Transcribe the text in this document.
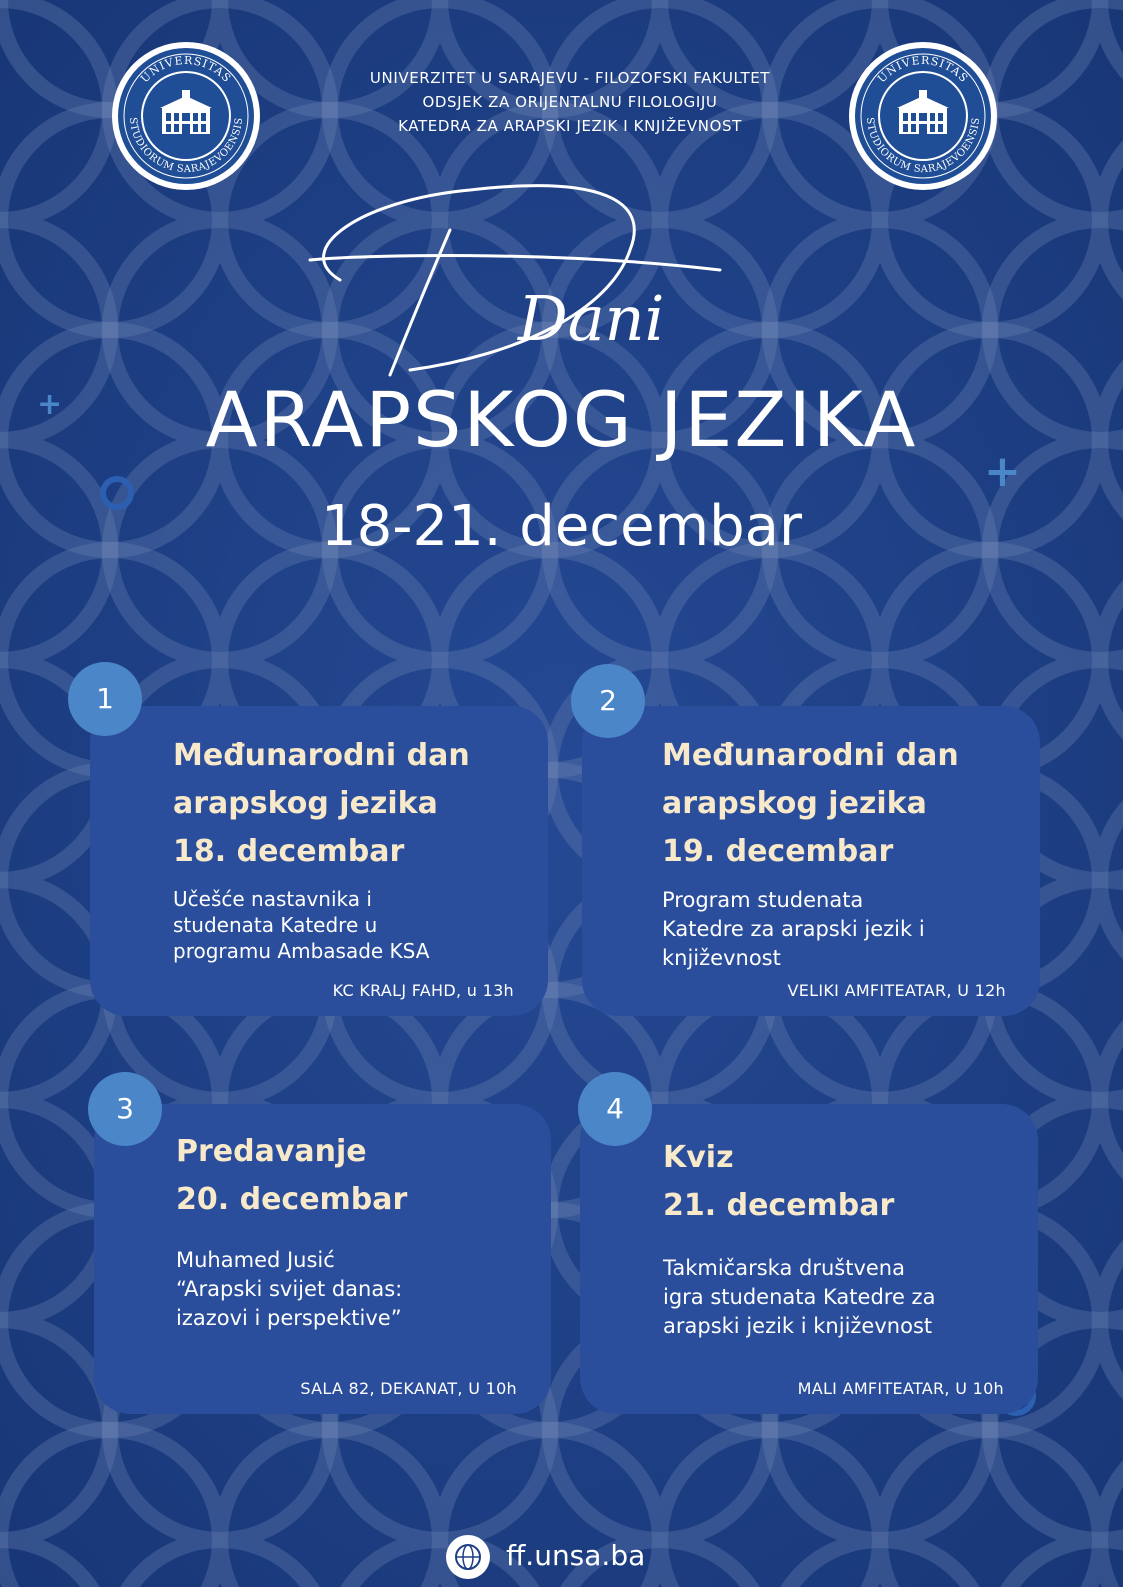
UNIVERSITAS
STUDIORUM SARAJEVOENSIS
UNIVERSITAS
STUDIORUM SARAJEVOENSIS
UNIVERZITET U SARAJEVU - FILOZOFSKI FAKULTET
ODSJEK ZA ORIJENTALNU FILOLOGIJU
KATEDRA ZA ARAPSKI JEZIK I KNJIŽEVNOST
Dani
ARAPSKOG JEZIKA
18-21. decembar
+
+
Međunarodni dan
arapskog jezika
18. decembar
Učešće nastavnika i
studenata Katedre u
programu Ambasade KSA
KC KRALJ FAHD, u 13h
1
Međunarodni dan
arapskog jezika
19. decembar
Program studenata
Katedre za arapski jezik i
književnost
VELIKI AMFITEATAR, U 12h
2
Predavanje
20. decembar
Muhamed Jusić
“Arapski svijet danas:
izazovi i perspektive”
SALA 82, DEKANAT, U 10h
3
Kviz
21. decembar
Takmičarska društvena
igra studenata Katedre za
arapski jezik i književnost
MALI AMFITEATAR, U 10h
4
ff.unsa.ba
